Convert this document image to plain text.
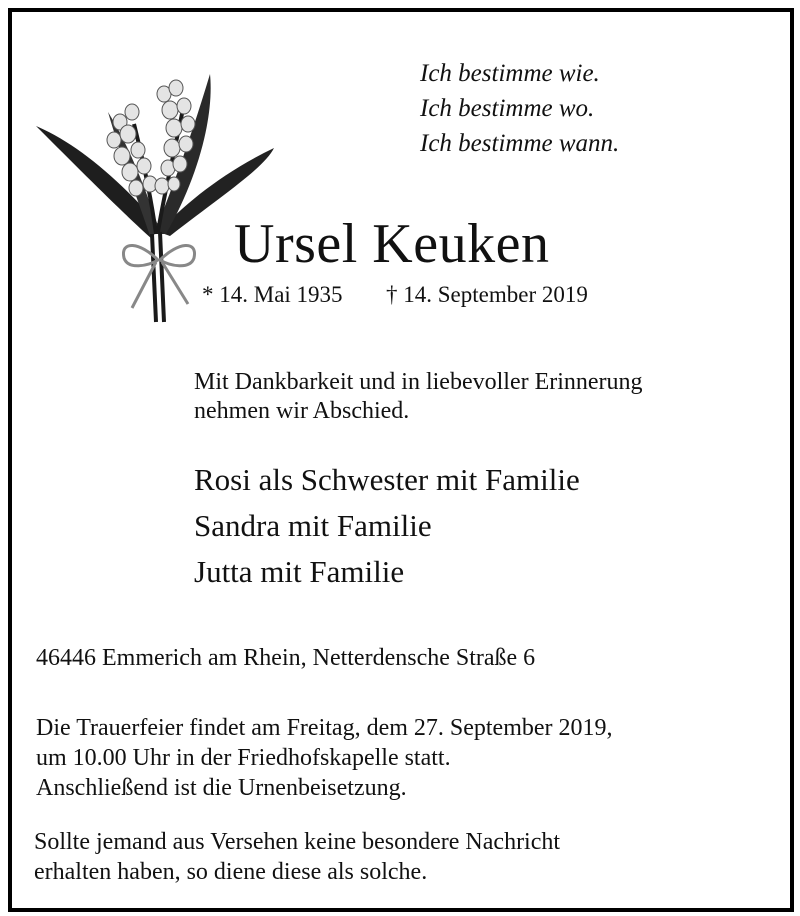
Ich bestimme wie.
Ich bestimme wo.
Ich bestimme wann.
Ursel Keuken
* 14. Mai 1935 † 14. September 2019
Mit Dankbarkeit und in liebevoller Erinnerung
nehmen wir Abschied.
Rosi als Schwester mit Familie
Sandra mit Familie
Jutta mit Familie
46446 Emmerich am Rhein, Netterdensche Straße 6
Die Trauerfeier findet am Freitag, dem 27. September 2019,
um 10.00 Uhr in der Friedhofskapelle statt.
Anschließend ist die Urnenbeisetzung.
Sollte jemand aus Versehen keine besondere Nachricht
erhalten haben, so diene diese als solche.
